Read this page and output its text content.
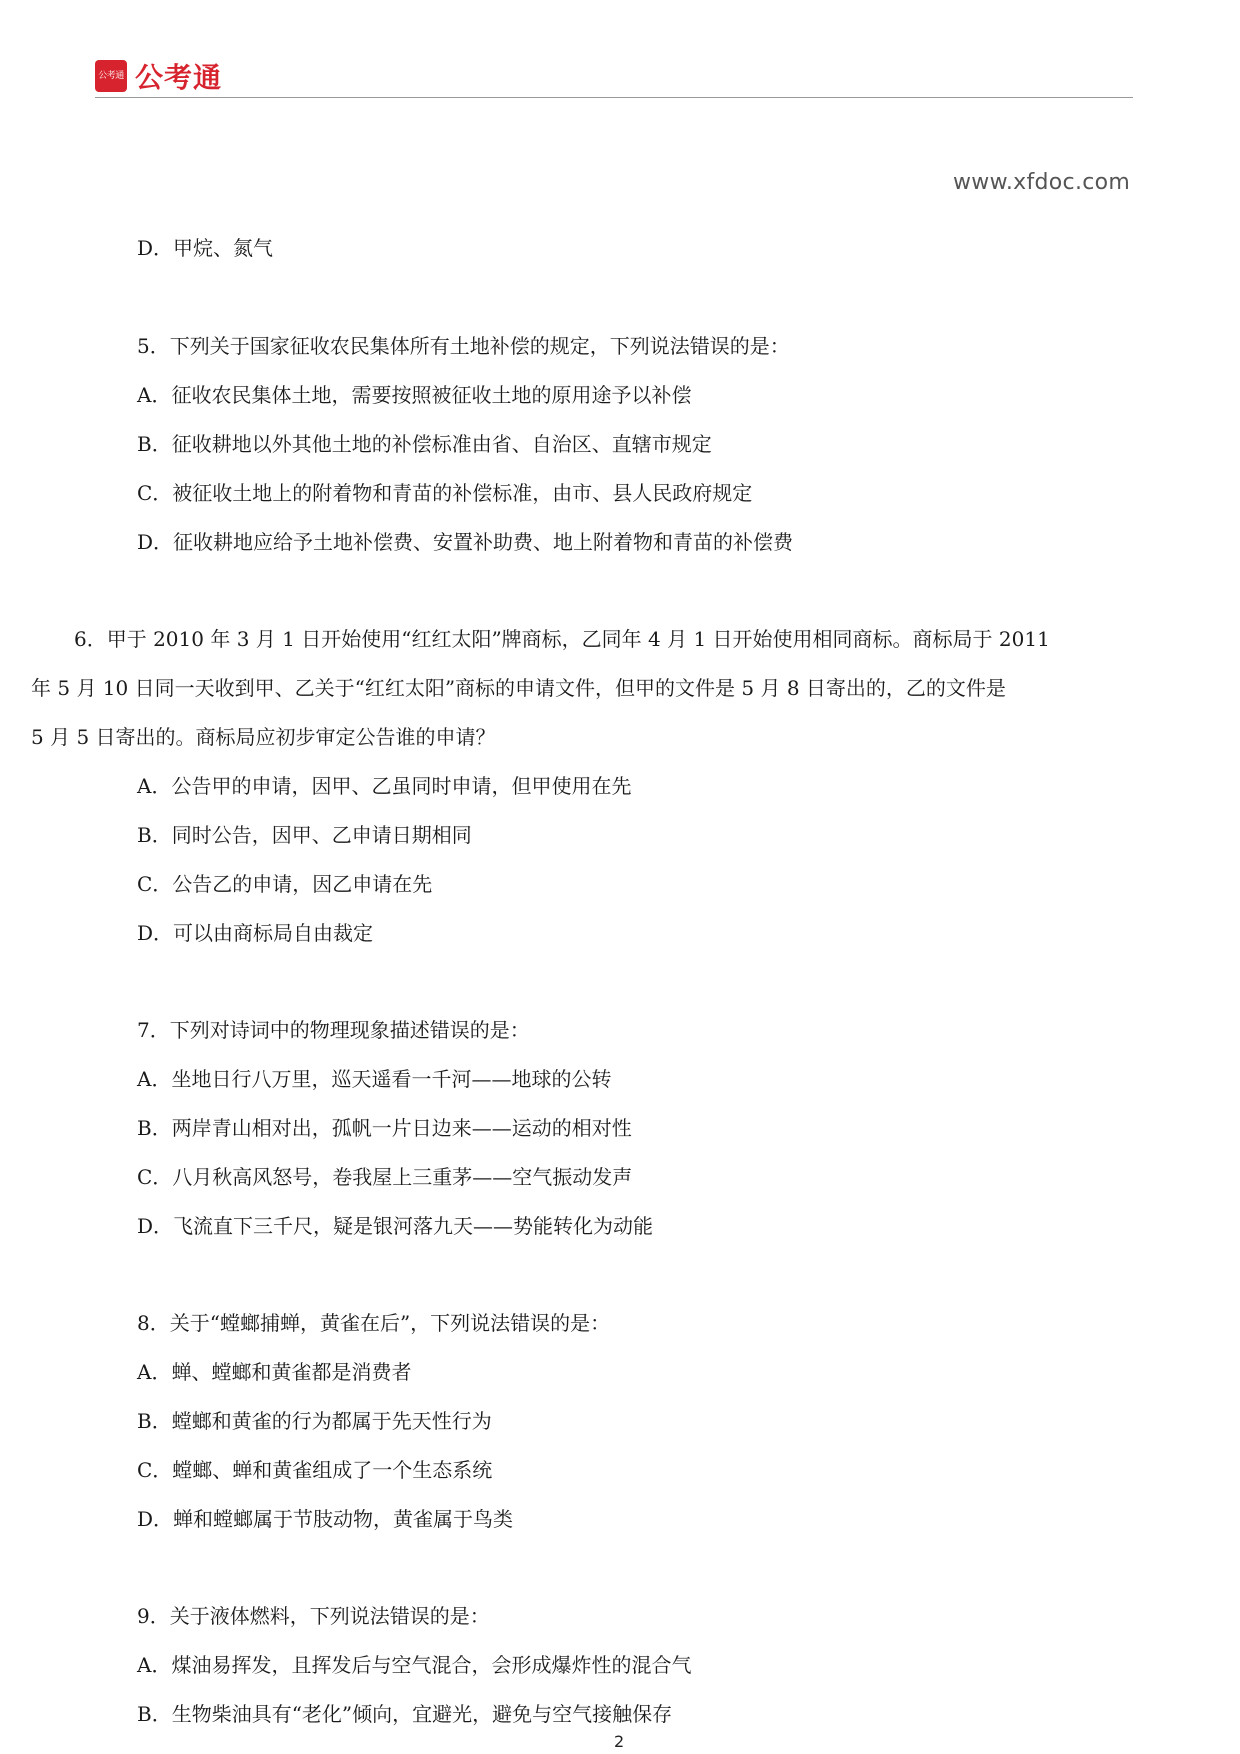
公考通 公考通
www.xfdoc.com
D．甲烷、氮气
5．下列关于国家征收农民集体所有土地补偿的规定，下列说法错误的是：
A．征收农民集体土地，需要按照被征收土地的原用途予以补偿
B．征收耕地以外其他土地的补偿标准由省、自治区、直辖市规定
C．被征收土地上的附着物和青苗的补偿标准，由市、县人民政府规定
D．征收耕地应给予土地补偿费、安置补助费、地上附着物和青苗的补偿费
6．甲于 2010 年 3 月 1 日开始使用“红红太阳”牌商标，乙同年 4 月 1 日开始使用相同商标。商标局于 2011
年 5 月 10 日同一天收到甲、乙关于“红红太阳”商标的申请文件，但甲的文件是 5 月 8 日寄出的，乙的文件是
5 月 5 日寄出的。商标局应初步审定公告谁的申请？
A．公告甲的申请，因甲、乙虽同时申请，但甲使用在先
B．同时公告，因甲、乙申请日期相同
C．公告乙的申请，因乙申请在先
D．可以由商标局自由裁定
7．下列对诗词中的物理现象描述错误的是：
A．坐地日行八万里，巡天遥看一千河——地球的公转
B．两岸青山相对出，孤帆一片日边来——运动的相对性
C．八月秋高风怒号，卷我屋上三重茅——空气振动发声
D．飞流直下三千尺，疑是银河落九天——势能转化为动能
8．关于“螳螂捕蝉，黄雀在后”，下列说法错误的是：
A．蝉、螳螂和黄雀都是消费者
B．螳螂和黄雀的行为都属于先天性行为
C．螳螂、蝉和黄雀组成了一个生态系统
D．蝉和螳螂属于节肢动物，黄雀属于鸟类
9．关于液体燃料，下列说法错误的是：
A．煤油易挥发，且挥发后与空气混合，会形成爆炸性的混合气
B．生物柴油具有“老化”倾向，宜避光，避免与空气接触保存
2
